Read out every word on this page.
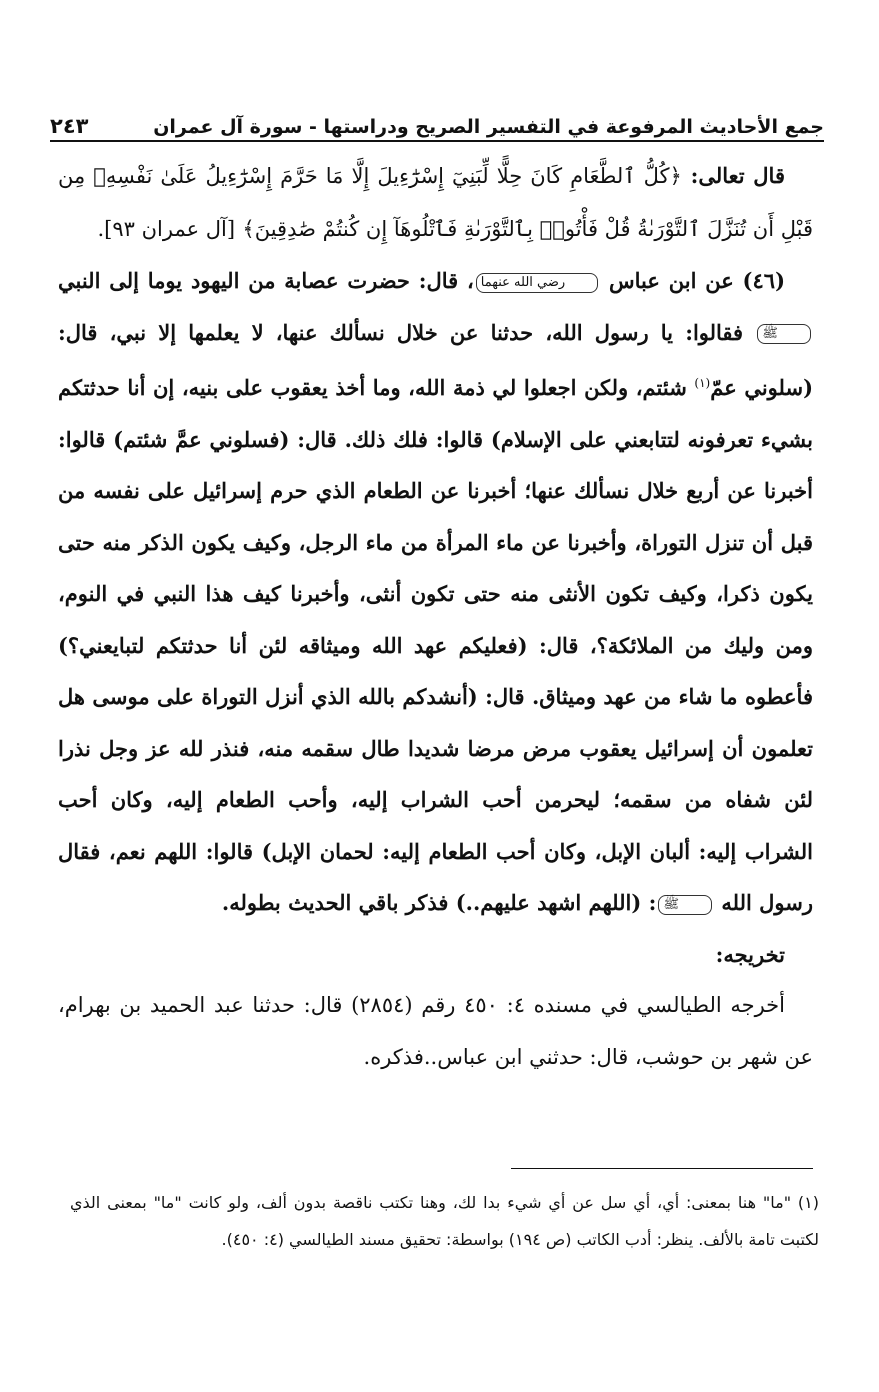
جمع الأحاديث المرفوعة في التفسير الصريح ودراستها - سورة آل عمران
٢٤٣

قال تعالى: ﴿كُلُّ ٱلطَّعَامِ كَانَ حِلًّا لِّبَنِيٓ إِسْرَٰٓءِيلَ إِلَّا مَا حَرَّمَ إِسْرَٰٓءِيلُ عَلَىٰ نَفْسِهِۦ مِن قَبْلِ أَن تُنَزَّلَ ٱلتَّوْرَىٰةُ قُلْ فَأْتُوا۟ بِٱلتَّوْرَىٰةِ فَٱتْلُوهَآ إِن كُنتُمْ صَٰدِقِينَ﴾ [آل عمران ٩٣].

(٤٦) عن ابن عباس رضي الله عنهما، قال: حضرت عصابة من اليهود يوما إلى النبي ﷺ فقالوا: يا رسول الله، حدثنا عن خلال نسألك عنها، لا يعلمها إلا نبي، قال: (سلوني عمّ$^{(١)}$ شئتم، ولكن اجعلوا لي ذمة الله، وما أخذ يعقوب على بنيه، إن أنا حدثتكم بشيء تعرفونه لتتابعني على الإسلام) قالوا: فلك ذلك. قال: (فسلوني عمَّ شئتم) قالوا: أخبرنا عن أربع خلال نسألك عنها؛ أخبرنا عن الطعام الذي حرم إسرائيل على نفسه من قبل أن تنزل التوراة، وأخبرنا عن ماء المرأة من ماء الرجل، وكيف يكون الذكر منه حتى يكون ذكرا، وكيف تكون الأنثى منه حتى تكون أنثى، وأخبرنا كيف هذا النبي في النوم، ومن وليك من الملائكة؟، قال: (فعليكم عهد الله وميثاقه لئن أنا حدثتكم لتبايعني؟) فأعطوه ما شاء من عهد وميثاق. قال: (أنشدكم بالله الذي أنزل التوراة على موسى هل تعلمون أن إسرائيل يعقوب مرض مرضا شديدا طال سقمه منه، فنذر لله عز وجل نذرا لئن شفاه من سقمه؛ ليحرمن أحب الشراب إليه، وأحب الطعام إليه، وكان أحب الشراب إليه: ألبان الإبل، وكان أحب الطعام إليه: لحمان الإبل) قالوا: اللهم نعم، فقال رسول الله ﷺ: (اللهم اشهد عليهم..) فذكر باقي الحديث بطوله.

تخريجه:

أخرجه الطيالسي في مسنده ٤: ٤٥٠ رقم (٢٨٥٤) قال: حدثنا عبد الحميد بن بهرام، عن شهر بن حوشب، قال: حدثني ابن عباس..فذكره.

(١) "ما" هنا بمعنى: أي، أي سل عن أي شيء بدا لك، وهنا تكتب ناقصة بدون ألف، ولو كانت "ما" بمعنى الذي لكتبت تامة بالألف. ينظر: أدب الكاتب (ص ١٩٤) بواسطة: تحقيق مسند الطيالسي (٤: ٤٥٠).
